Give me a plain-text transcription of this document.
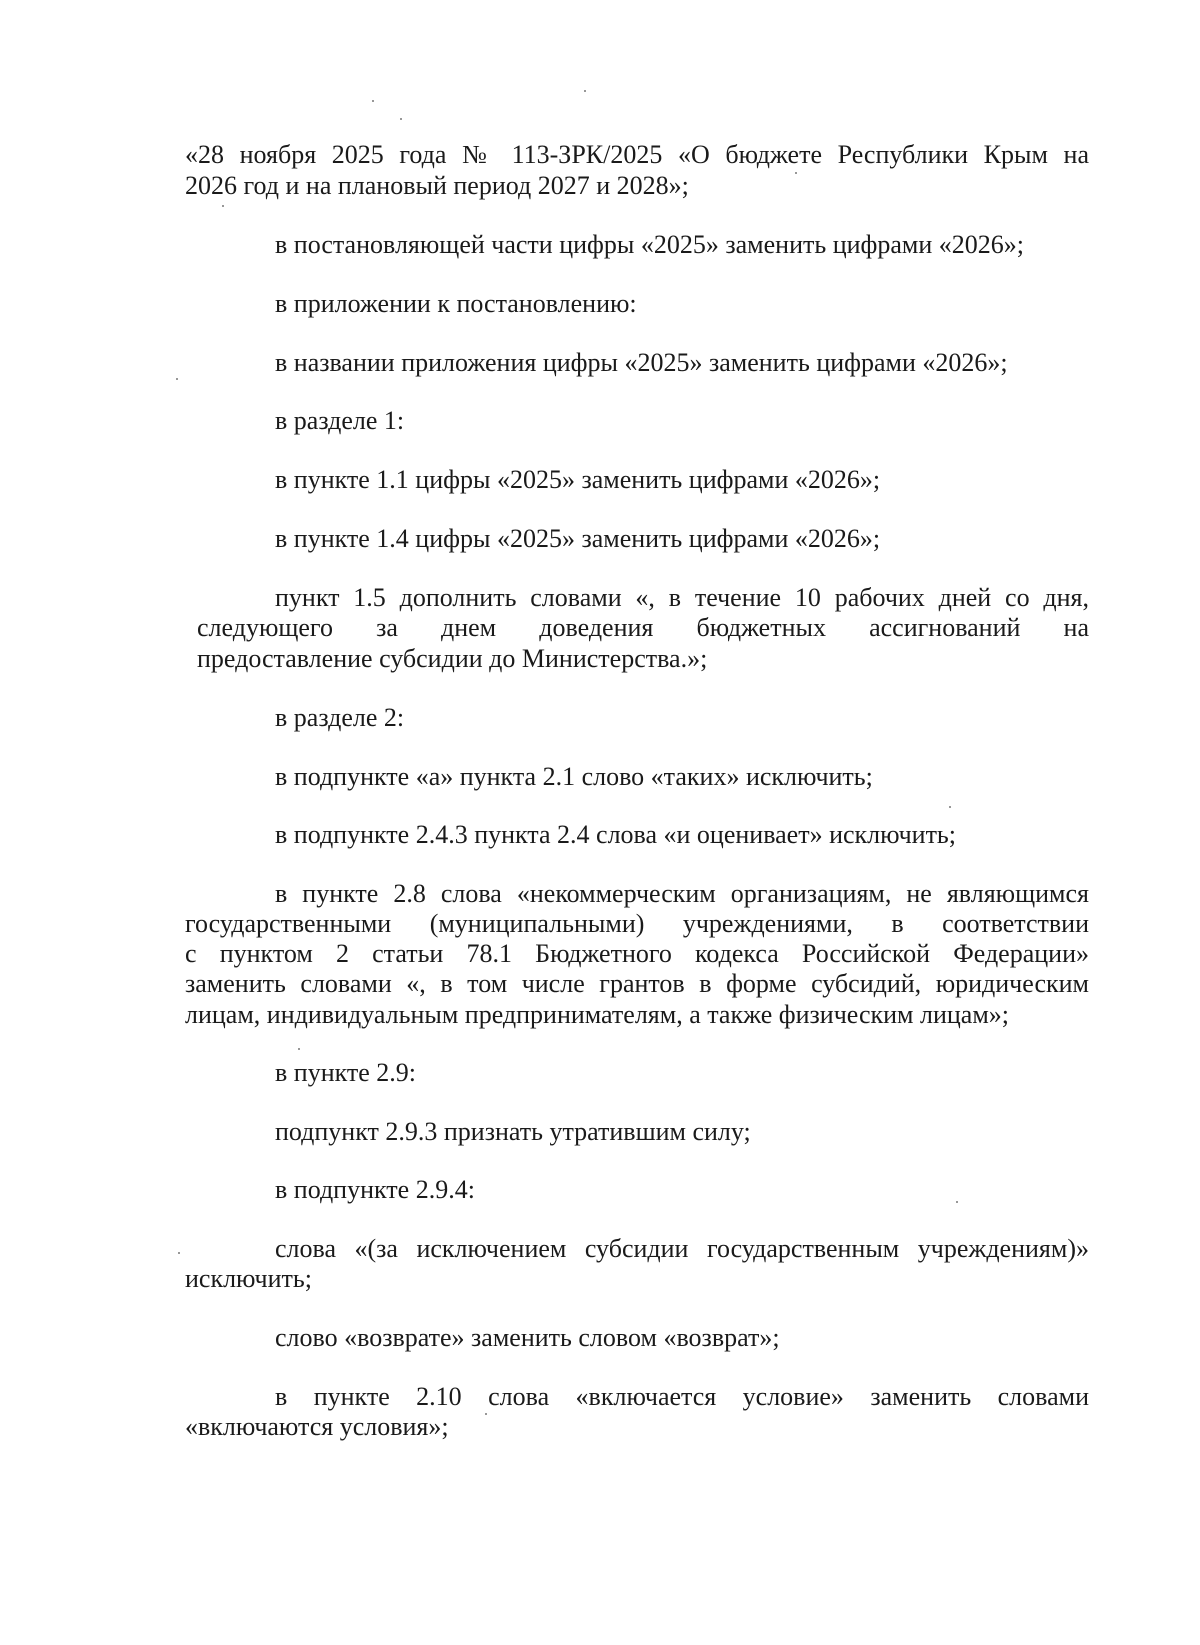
«28 ноября 2025 года № 113-ЗРК/2025 «О бюджете Республики Крым на
2026 год и на плановый период 2027 и 2028»;
в постановляющей части цифры «2025» заменить цифрами «2026»;
в приложении к постановлению:
в названии приложения цифры «2025» заменить цифрами «2026»;
в разделе 1:
в пункте 1.1 цифры «2025» заменить цифрами «2026»;
в пункте 1.4 цифры «2025» заменить цифрами «2026»;
пункт 1.5 дополнить словами «, в течение 10 рабочих дней со дня,
следующего за днем доведения бюджетных ассигнований на
предоставление субсидии до Министерства.»;
в разделе 2:
в подпункте «а» пункта 2.1 слово «таких» исключить;
в подпункте 2.4.3 пункта 2.4 слова «и оценивает» исключить;
в пункте 2.8 слова «некоммерческим организациям, не являющимся
государственными (муниципальными) учреждениями, в соответствии
с пунктом 2 статьи 78.1 Бюджетного кодекса Российской Федерации»
заменить словами «, в том числе грантов в форме субсидий, юридическим
лицам, индивидуальным предпринимателям, а также физическим лицам»;
в пункте 2.9:
подпункт 2.9.3 признать утратившим силу;
в подпункте 2.9.4:
слова «(за исключением субсидии государственным учреждениям)»
исключить;
слово «возврате» заменить словом «возврат»;
в пункте 2.10 слова «включается условие» заменить словами
«включаются условия»;
